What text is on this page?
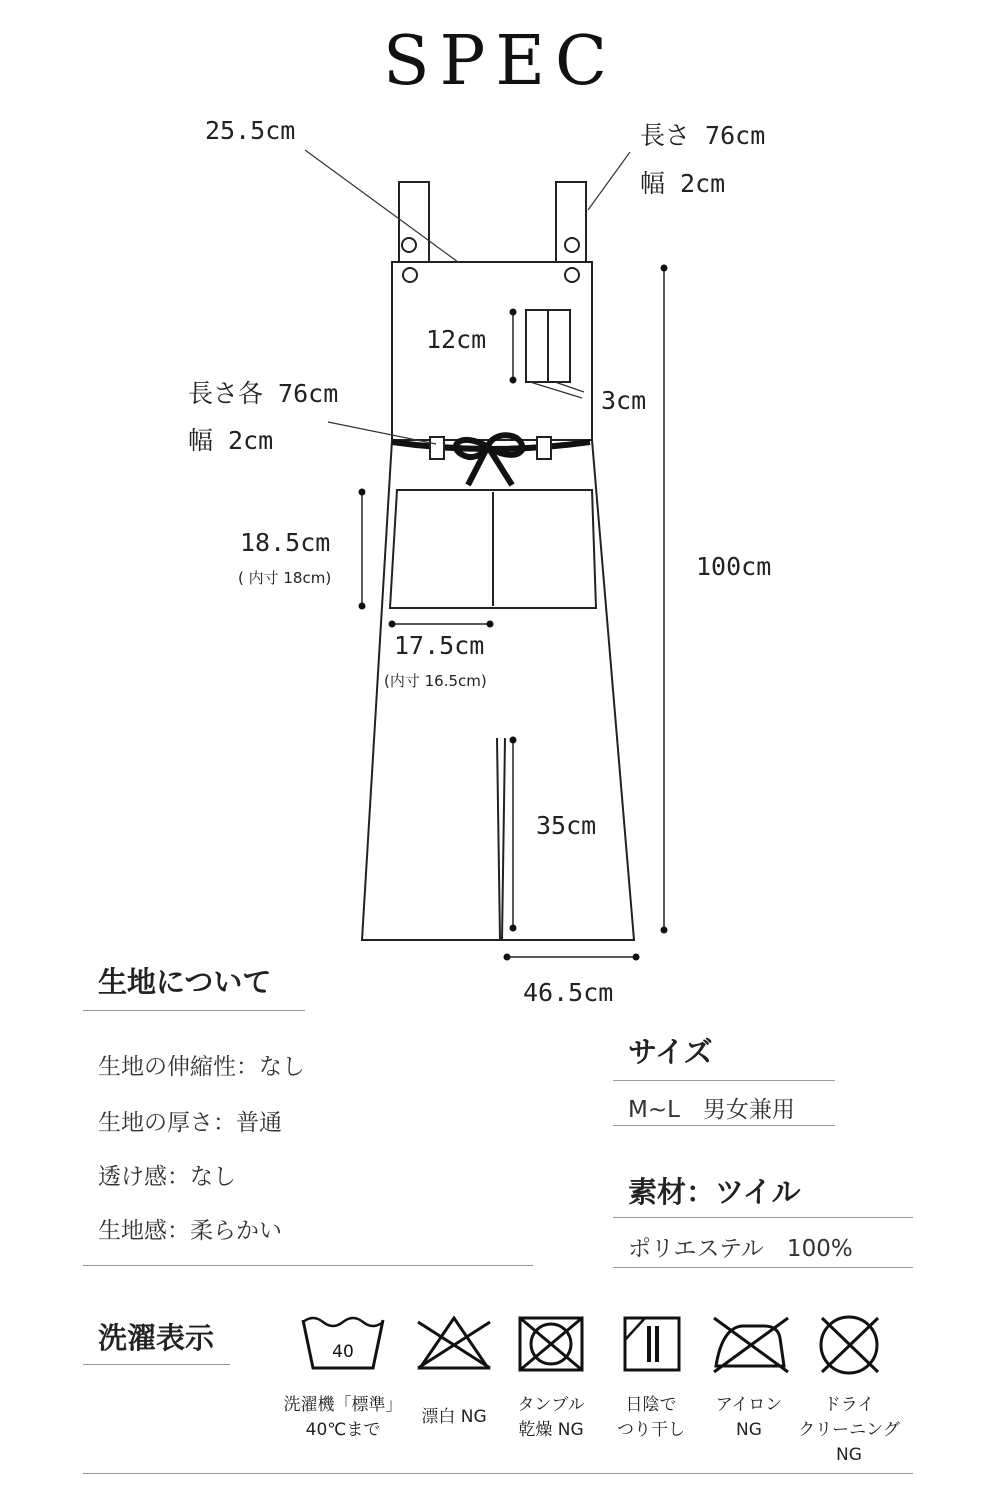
SPEC
25.5cm	長さ 76cm
幅 2cm
12cm
3cm
長さ各 76cm
幅 2cm
100cm
18.5cm
( 内寸 18cm)
17.5cm
(内寸 16.5cm)
35cm
46.5cm
生地について
生地の伸縮性：なし
生地の厚さ：普通
透け感：なし
生地感：柔らかい
サイズ
M~L　男女兼用
素材：ツイル
ポリエステル　100%
洗濯表示	40
洗濯機「標準」
40℃まで
漂白 NG
タンブル
乾燥 NG
日陰で
つり干し
アイロン
NG
ドライ
クリーニング
NG
